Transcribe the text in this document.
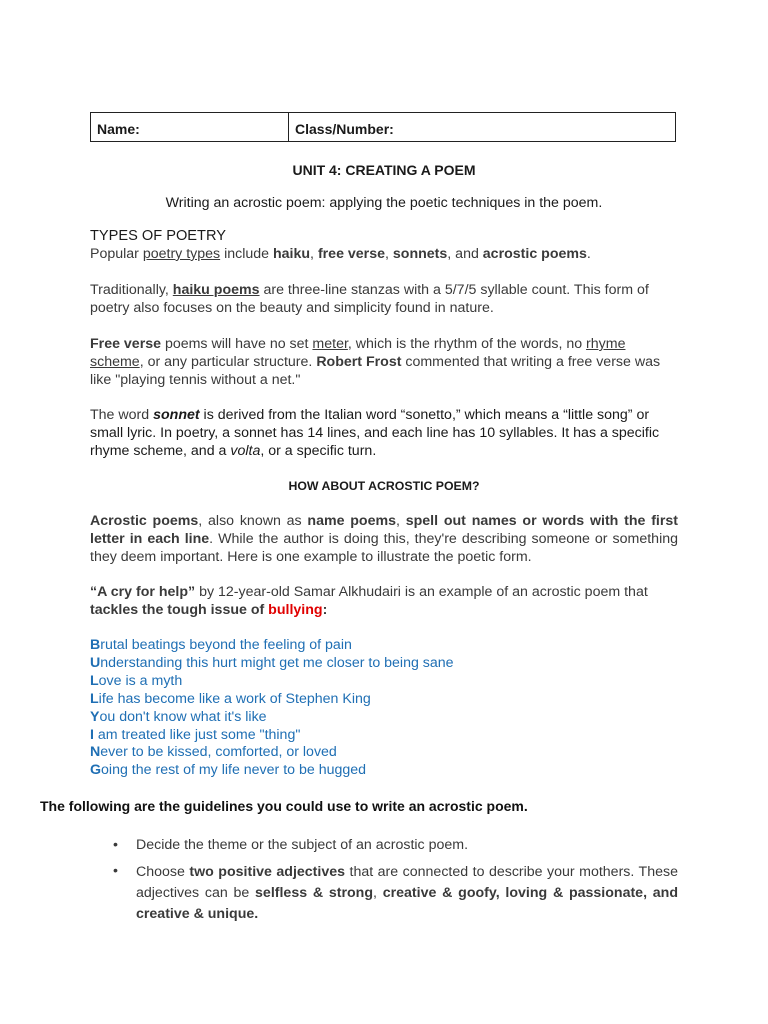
Name:	Class/Number:
UNIT 4: CREATING A POEM
Writing an acrostic poem: applying the poetic techniques in the poem.
TYPES OF POETRY
Popular poetry types include haiku, free verse, sonnets, and acrostic poems.
Traditionally, haiku poems are three-line stanzas with a 5/7/5 syllable count. This form of poetry also focuses on the beauty and simplicity found in nature.
Free verse poems will have no set meter, which is the rhythm of the words, no rhyme scheme, or any particular structure. Robert Frost commented that writing a free verse was like "playing tennis without a net."
The word sonnet is derived from the Italian word “sonetto,” which means a “little song” or small lyric. In poetry, a sonnet has 14 lines, and each line has 10 syllables. It has a specific rhyme scheme, and a volta, or a specific turn.
HOW ABOUT ACROSTIC POEM?
Acrostic poems, also known as name poems, spell out names or words with the first letter in each line. While the author is doing this, they're describing someone or something they deem important. Here is one example to illustrate the poetic form.
“A cry for help” by 12-year-old Samar Alkhudairi is an example of an acrostic poem that tackles the tough issue of bullying:
Brutal beatings beyond the feeling of pain
Understanding this hurt might get me closer to being sane
Love is a myth
Life has become like a work of Stephen King
You don't know what it's like
I am treated like just some "thing"
Never to be kissed, comforted, or loved
Going the rest of my life never to be hugged
The following are the guidelines you could use to write an acrostic poem.
• Decide the theme or the subject of an acrostic poem.
• Choose two positive adjectives that are connected to describe your mothers. These adjectives can be selfless & strong, creative & goofy, loving & passionate, and creative & unique.
